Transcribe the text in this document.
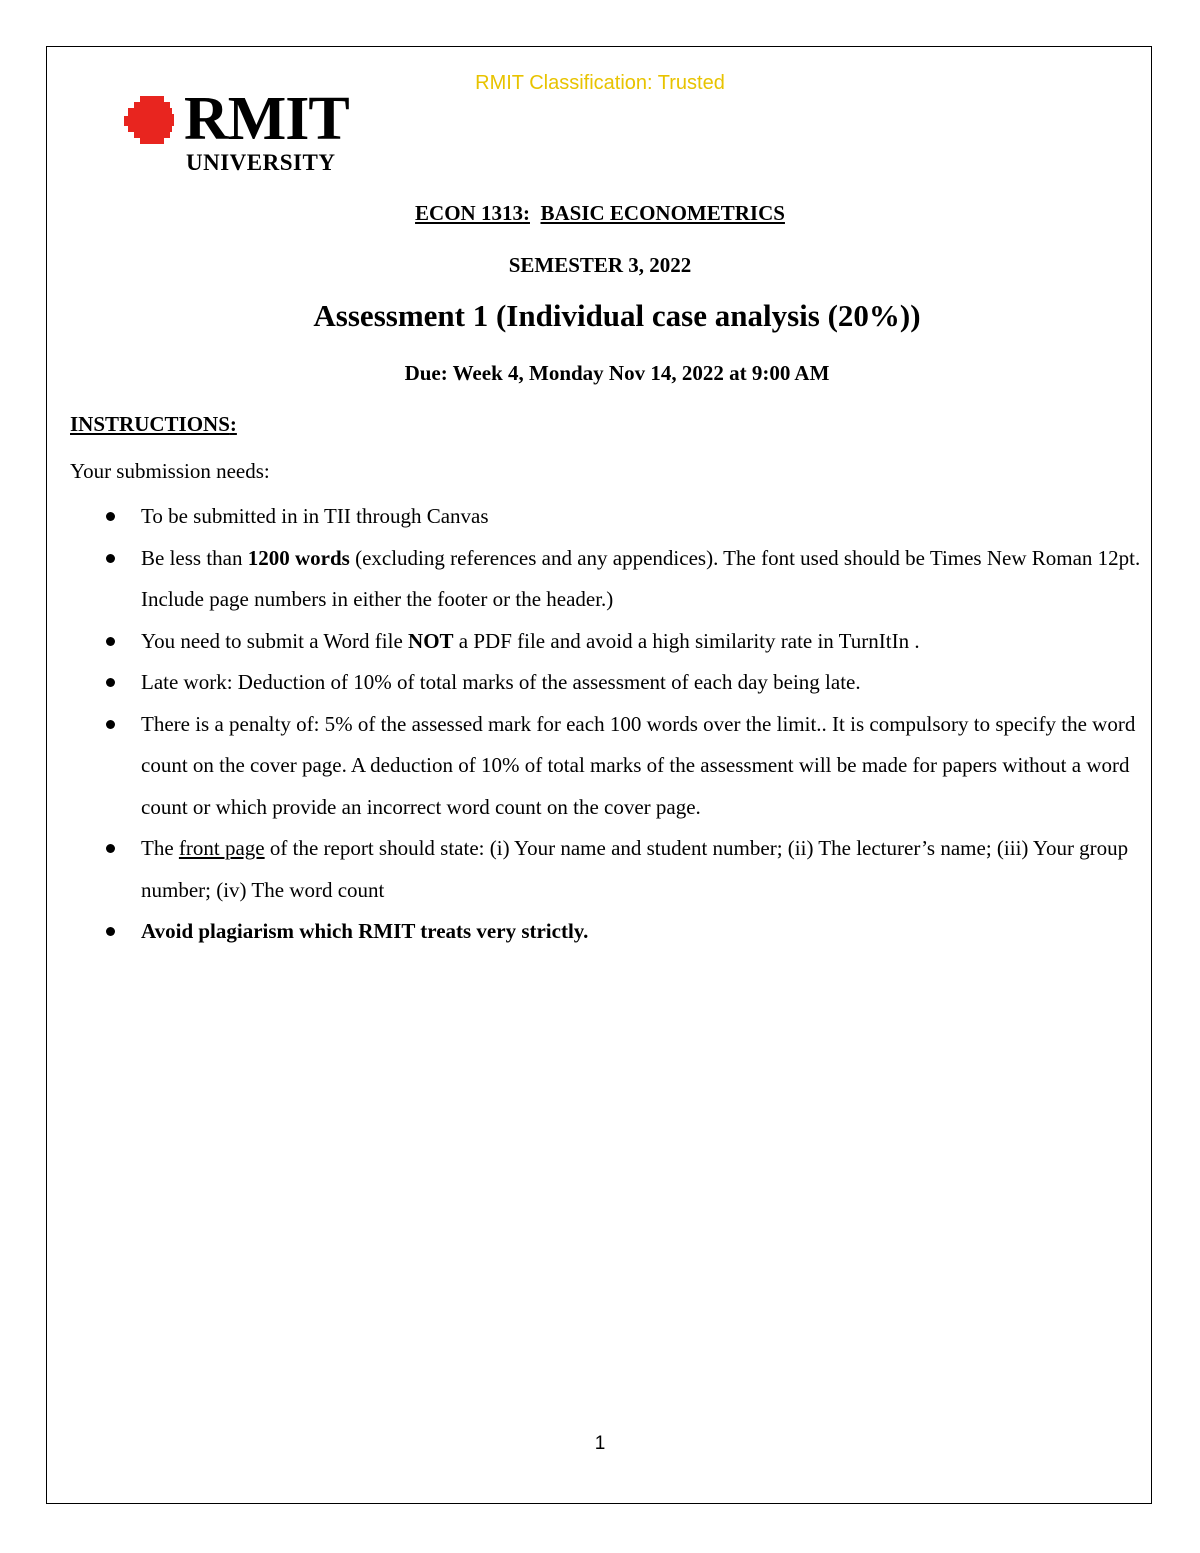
RMIT Classification: Trusted
RMIT
UNIVERSITY
ECON 1313: BASIC ECONOMETRICS
SEMESTER 3, 2022
Assessment 1 (Individual case analysis (20%))
Due: Week 4, Monday Nov 14, 2022 at 9:00 AM
INSTRUCTIONS:
Your submission needs:
To be submitted in in TII through Canvas
Be less than 1200 words (excluding references and any appendices). The font used should be Times New Roman 12pt. Include page numbers in either the footer or the header.)
You need to submit a Word file NOT a PDF file and avoid a high similarity rate in TurnItIn .
Late work: Deduction of 10% of total marks of the assessment of each day being late.
There is a penalty of: 5% of the assessed mark for each 100 words over the limit.. It is compulsory to specify the word count on the cover page. A deduction of 10% of total marks of the assessment will be made for papers without a word count or which provide an incorrect word count on the cover page.
The front page of the report should state: (i) Your name and student number; (ii) The lecturer’s name; (iii) Your group number; (iv) The word count
Avoid plagiarism which RMIT treats very strictly.
1
